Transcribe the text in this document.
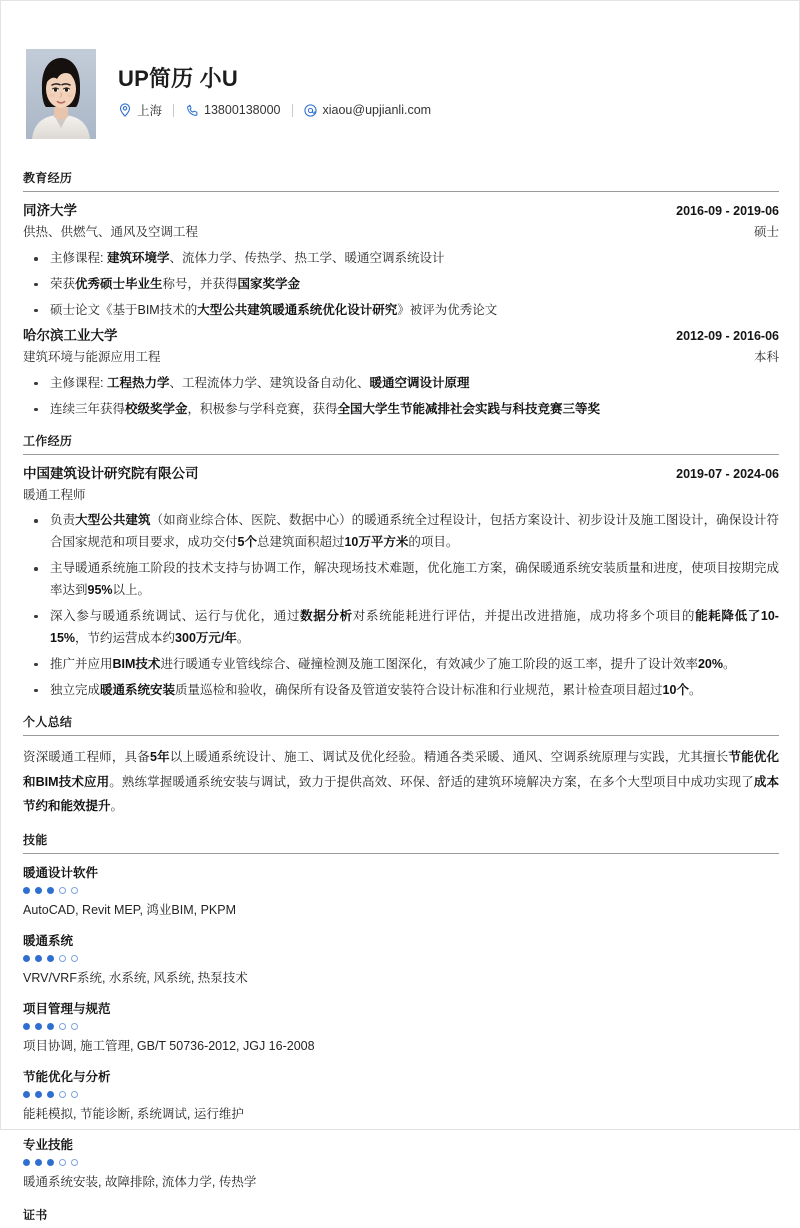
UP简历 小U
上海	13800138000	xiaou@upjianli.com
教育经历
同济大学	2016-09 - 2019-06
供热、供燃气、通风及空调工程	硕士
主修课程: 建筑环境学、流体力学、传热学、热工学、暖通空调系统设计
荣获优秀硕士毕业生称号，并获得国家奖学金
硕士论文《基于BIM技术的大型公共建筑暖通系统优化设计研究》被评为优秀论文
哈尔滨工业大学	2012-09 - 2016-06
建筑环境与能源应用工程	本科
主修课程: 工程热力学、工程流体力学、建筑设备自动化、暖通空调设计原理
连续三年获得校级奖学金，积极参与学科竞赛，获得全国大学生节能减排社会实践与科技竞赛三等奖
工作经历
中国建筑设计研究院有限公司	2019-07 - 2024-06
暖通工程师
负责大型公共建筑（如商业综合体、医院、数据中心）的暖通系统全过程设计，包括方案设计、初步设计及施工图设计，确保设计符合国家规范和项目要求，成功交付5个总建筑面积超过10万平方米的项目。
主导暖通系统施工阶段的技术支持与协调工作，解决现场技术难题，优化施工方案，确保暖通系统安装质量和进度，使项目按期完成率达到95%以上。
深入参与暖通系统调试、运行与优化，通过数据分析对系统能耗进行评估，并提出改进措施，成功将多个项目的能耗降低了10-15%，节约运营成本约300万元/年。
推广并应用BIM技术进行暖通专业管线综合、碰撞检测及施工图深化，有效减少了施工阶段的返工率，提升了设计效率20%。
独立完成暖通系统安装质量巡检和验收，确保所有设备及管道安装符合设计标准和行业规范，累计检查项目超过10个。
个人总结
资深暖通工程师，具备5年以上暖通系统设计、施工、调试及优化经验。精通各类采暖、通风、空调系统原理与实践，尤其擅长节能优化和BIM技术应用。熟练掌握暖通系统安装与调试，致力于提供高效、环保、舒适的建筑环境解决方案，在多个大型项目中成功实现了成本节约和能效提升。
技能
暖通设计软件
AutoCAD, Revit MEP, 鸿业BIM, PKPM
暖通系统
VRV/VRF系统, 水系统, 风系统, 热泵技术
项目管理与规范
项目协调, 施工管理, GB/T 50736-2012, JGJ 16-2008
节能优化与分析
能耗模拟, 节能诊断, 系统调试, 运行维护
专业技能
暖通系统安装, 故障排除, 流体力学, 传热学
证书
